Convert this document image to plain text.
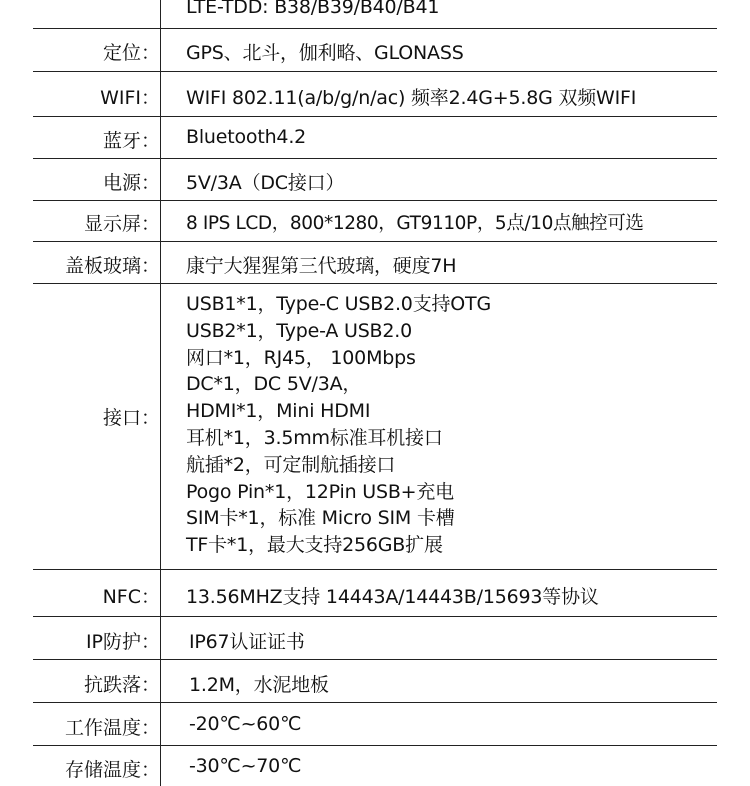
LTE-TDD: B38/B39/B40/B41
定位： GPS、北斗，伽利略、GLONASS
WIFI： WIFI 802.11(a/b/g/n/ac) 频率2.4G+5.8G 双频WIFI
蓝牙： Bluetooth4.2
电源： 5V/3A（DC接口）
显示屏： 8 IPS LCD，800*1280，GT9110P，5点/10点触控可选
盖板玻璃： 康宁大猩猩第三代玻璃，硬度7H
接口：
USB1*1，Type-C USB2.0支持OTG
USB2*1，Type-A USB2.0
网口*1，RJ45， 100Mbps
DC*1，DC 5V/3A，
HDMI*1，Mini HDMI
耳机*1，3.5mm标准耳机接口
航插*2，可定制航插接口
Pogo Pin*1，12Pin USB+充电
SIM卡*1，标准 Micro SIM 卡槽
TF卡*1，最大支持256GB扩展
NFC： 13.56MHZ支持 14443A/14443B/15693等协议
IP防护： IP67认证证书
抗跌落： 1.2M，水泥地板
工作温度： -20℃~60℃
存储温度： -30℃~70℃
